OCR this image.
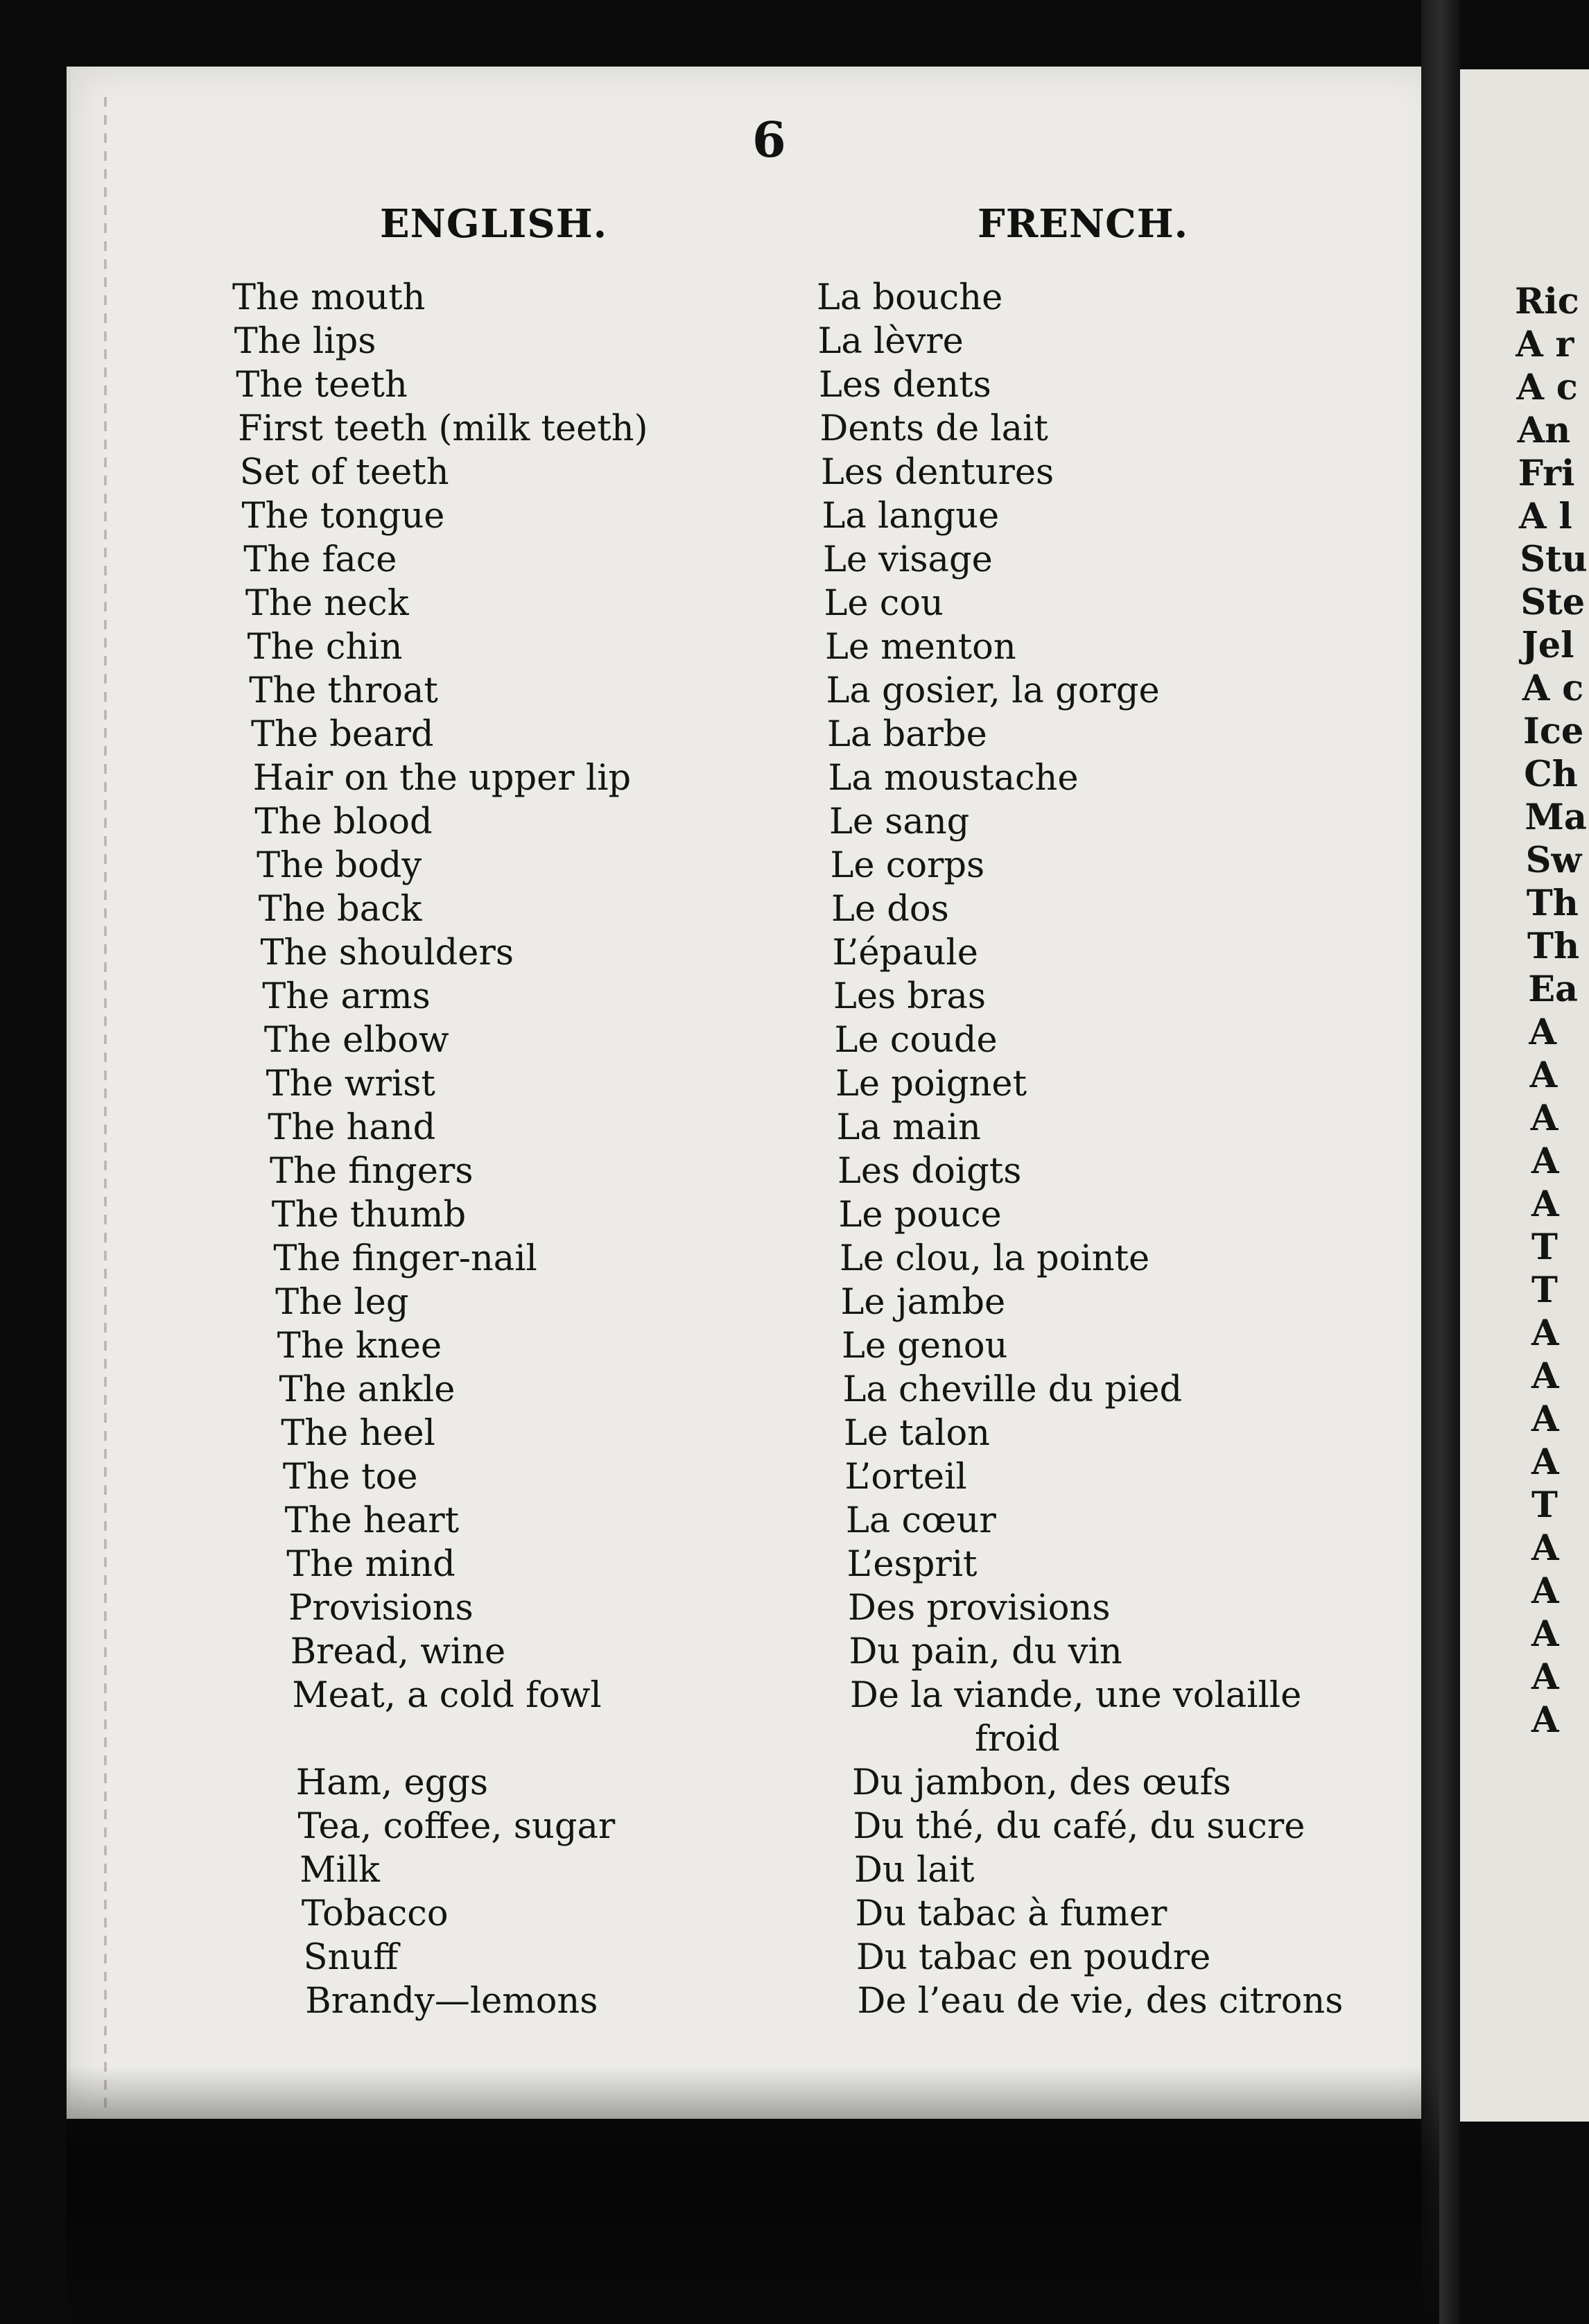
6
ENGLISH.	FRENCH.
The mouth	La bouche
The lips	La lèvre
The teeth	Les dents
First teeth (milk teeth)	Dents de lait
Set of teeth	Les dentures
The tongue	La langue
The face	Le visage
The neck	Le cou
The chin	Le menton
The throat	La gosier, la gorge
The beard	La barbe
Hair on the upper lip	La moustache
The blood	Le sang
The body	Le corps
The back	Le dos
The shoulders	L’épaule
The arms	Les bras
The elbow	Le coude
The wrist	Le poignet
The hand	La main
The fingers	Les doigts
The thumb	Le pouce
The finger-nail	Le clou, la pointe
The leg	Le jambe
The knee	Le genou
The ankle	La cheville du pied
The heel	Le talon
The toe	L’orteil
The heart	La cœur
The mind	L’esprit
Provisions	Des provisions
Bread, wine	Du pain, du vin
Meat, a cold fowl	De la viande, une volaille
froid
Ham, eggs	Du jambon, des œufs
Tea, coffee, sugar	Du thé, du café, du sucre
Milk	Du lait
Tobacco	Du tabac à fumer
Snuff	Du tabac en poudre
Brandy—lemons	De l’eau de vie, des citrons
Ric
A r
A c
An
Fri
A l
Stu
Ste
Jel
A c
Ice
Ch
Ma
Sw
Th
Th
Ea
A
A
A
A
A
T
T
A
A
A
A
T
A
A
A
A
A
